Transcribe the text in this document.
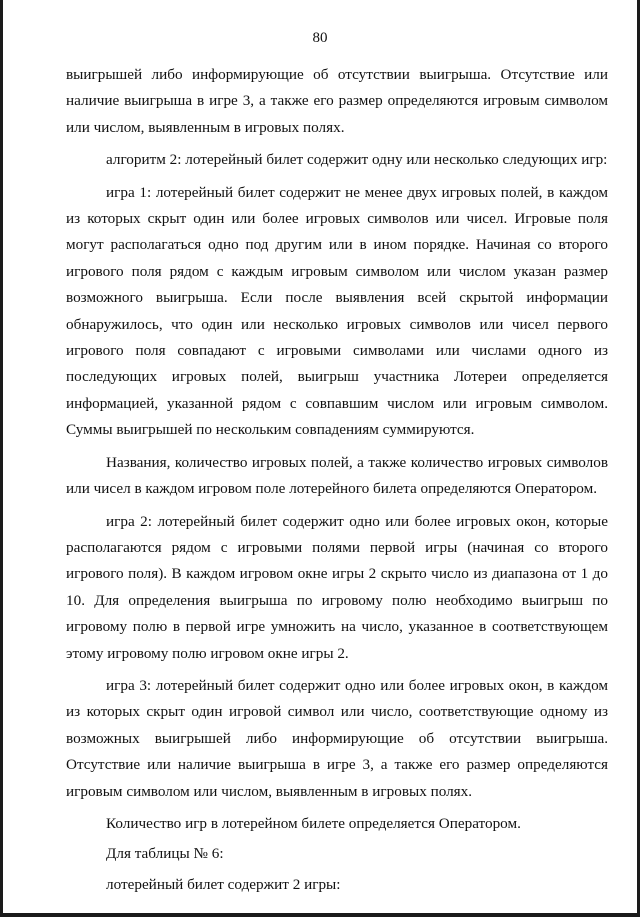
80

выигрышей либо информирующие об отсутствии выигрыша. Отсутствие или наличие выигрыша в игре 3, а также его размер определяются игровым символом или числом, выявленным в игровых полях.

алгоритм 2: лотерейный билет содержит одну или несколько следующих игр:

игра 1: лотерейный билет содержит не менее двух игровых полей, в каждом из которых скрыт один или более игровых символов или чисел. Игровые поля могут располагаться одно под другим или в ином порядке. Начиная со второго игрового поля рядом с каждым игровым символом или числом указан размер возможного выигрыша. Если после выявления всей скрытой информации обнаружилось, что один или несколько игровых символов или чисел первого игрового поля совпадают с игровыми символами или числами одного из последующих игровых полей, выигрыш участника Лотереи определяется информацией, указанной рядом с совпавшим числом или игровым символом. Суммы выигрышей по нескольким совпадениям суммируются.

Названия, количество игровых полей, а также количество игровых символов или чисел в каждом игровом поле лотерейного билета определяются Оператором.

игра 2: лотерейный билет содержит одно или более игровых окон, которые располагаются рядом с игровыми полями первой игры (начиная со второго игрового поля). В каждом игровом окне игры 2 скрыто число из диапазона от 1 до 10. Для определения выигрыша по игровому полю необходимо выигрыш по игровому полю в первой игре умножить на число, указанное в соответствующем этому игровому полю игровом окне игры 2.

игра 3: лотерейный билет содержит одно или более игровых окон, в каждом из которых скрыт один игровой символ или число, соответствующие одному из возможных выигрышей либо информирующие об отсутствии выигрыша. Отсутствие или наличие выигрыша в игре 3, а также его размер определяются игровым символом или числом, выявленным в игровых полях.

Количество игр в лотерейном билете определяется Оператором.

Для таблицы № 6:

лотерейный билет содержит 2 игры:
